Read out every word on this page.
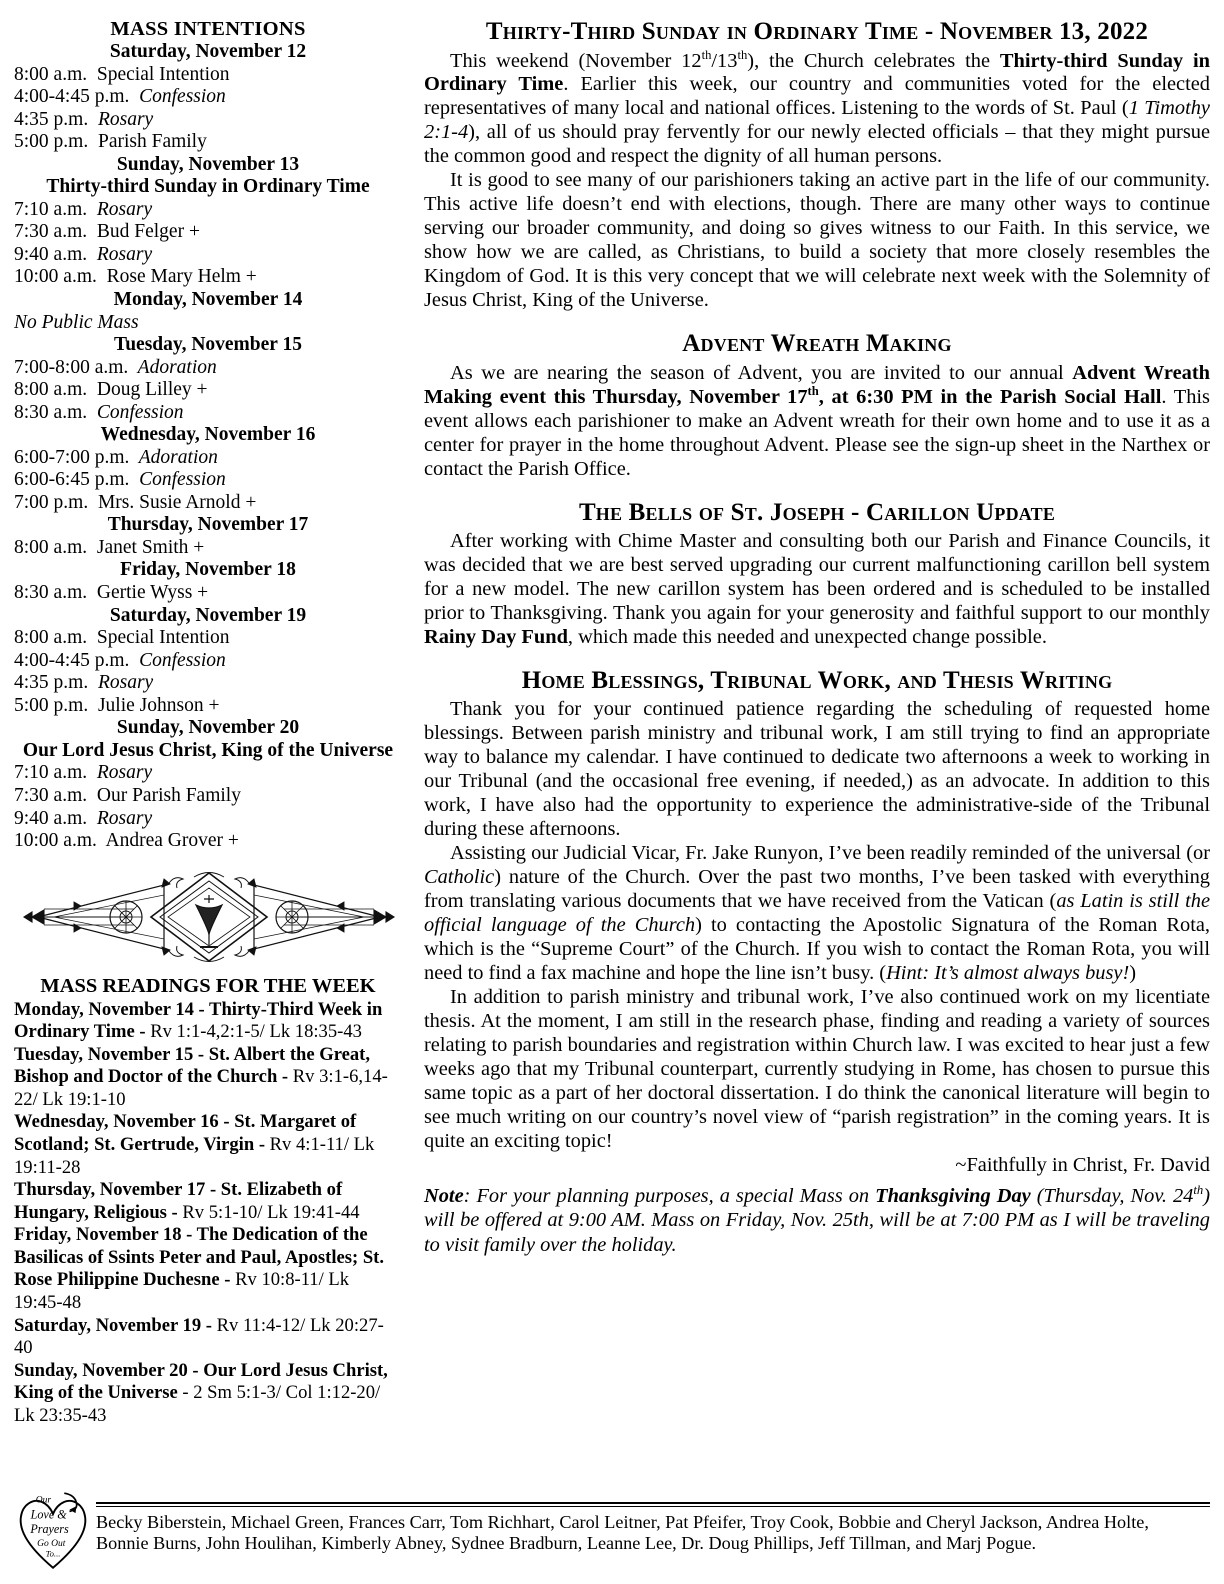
MASS INTENTIONS
Saturday, November 12
8:00 a.m.  Special Intention
4:00-4:45 p.m.  Confession
4:35 p.m.  Rosary
5:00 p.m.  Parish Family
Sunday, November 13
Thirty-third Sunday in Ordinary Time
7:10 a.m.  Rosary
7:30 a.m.  Bud Felger +
9:40 a.m.  Rosary
10:00 a.m.  Rose Mary Helm +
Monday, November 14
No Public Mass
Tuesday, November 15
7:00-8:00 a.m.  Adoration
8:00 a.m.  Doug Lilley +
8:30 a.m.  Confession
Wednesday, November 16
6:00-7:00 p.m.  Adoration
6:00-6:45 p.m.  Confession
7:00 p.m.  Mrs. Susie Arnold +
Thursday, November 17
8:00 a.m.  Janet Smith +
Friday, November 18
8:30 a.m.  Gertie Wyss +
Saturday, November 19
8:00 a.m.  Special Intention
4:00-4:45 p.m.  Confession
4:35 p.m.  Rosary
5:00 p.m.  Julie Johnson +
Sunday, November 20
Our Lord Jesus Christ, King of the Universe
7:10 a.m.  Rosary
7:30 a.m.  Our Parish Family
9:40 a.m.  Rosary
10:00 a.m.  Andrea Grover +
MASS READINGS FOR THE WEEK
Monday, November 14 - Thirty-Third Week in Ordinary Time - Rv 1:1-4,2:1-5/ Lk 18:35-43
Tuesday, November 15 - St. Albert the Great, Bishop and Doctor of the Church - Rv 3:1-6,14-22/ Lk 19:1-10
Wednesday, November 16 - St. Margaret of Scotland; St. Gertrude, Virgin - Rv 4:1-11/ Lk 19:11-28
Thursday, November 17 - St. Elizabeth of Hungary, Religious - Rv 5:1-10/ Lk 19:41-44
Friday, November 18 - The Dedication of the Basilicas of Ssints Peter and Paul, Apostles; St. Rose Philippine Duchesne - Rv 10:8-11/ Lk 19:45-48
Saturday, November 19 - Rv 11:4-12/ Lk 20:27-40
Sunday, November 20 - Our Lord Jesus Christ, King of the Universe - 2 Sm 5:1-3/ Col 1:12-20/ Lk 23:35-43
Thirty-Third Sunday in Ordinary Time - November 13, 2022

This weekend (November 12th/13th), the Church celebrates the Thirty-third Sunday in Ordinary Time. Earlier this week, our country and communities voted for the elected representatives of many local and national offices. Listening to the words of St. Paul (1 Timothy 2:1-4), all of us should pray fervently for our newly elected officials – that they might pursue the common good and respect the dignity of all human persons.

It is good to see many of our parishioners taking an active part in the life of our community. This active life doesn’t end with elections, though. There are many other ways to continue serving our broader community, and doing so gives witness to our Faith. In this service, we show how we are called, as Christians, to build a society that more closely resembles the Kingdom of God. It is this very concept that we will celebrate next week with the Solemnity of Jesus Christ, King of the Universe.

Advent Wreath Making

As we are nearing the season of Advent, you are invited to our annual Advent Wreath Making event this Thursday, November 17th, at 6:30 PM in the Parish Social Hall. This event allows each parishioner to make an Advent wreath for their own home and to use it as a center for prayer in the home throughout Advent. Please see the sign-up sheet in the Narthex or contact the Parish Office.

The Bells of St. Joseph - Carillon Update

After working with Chime Master and consulting both our Parish and Finance Councils, it was decided that we are best served upgrading our current malfunctioning carillon bell system for a new model. The new carillon system has been ordered and is scheduled to be installed prior to Thanksgiving. Thank you again for your generosity and faithful support to our monthly Rainy Day Fund, which made this needed and unexpected change possible.

Home Blessings, Tribunal Work, and Thesis Writing

Thank you for your continued patience regarding the scheduling of requested home blessings. Between parish ministry and tribunal work, I am still trying to find an appropriate way to balance my calendar. I have continued to dedicate two afternoons a week to working in our Tribunal (and the occasional free evening, if needed,) as an advocate. In addition to this work, I have also had the opportunity to experience the administrative-side of the Tribunal during these afternoons.

Assisting our Judicial Vicar, Fr. Jake Runyon, I’ve been readily reminded of the universal (or Catholic) nature of the Church. Over the past two months, I’ve been tasked with everything from translating various documents that we have received from the Vatican (as Latin is still the official language of the Church) to contacting the Apostolic Signatura of the Roman Rota, which is the “Supreme Court” of the Church. If you wish to contact the Roman Rota, you will need to find a fax machine and hope the line isn’t busy. (Hint: It’s almost always busy!)

In addition to parish ministry and tribunal work, I’ve also continued work on my licentiate thesis. At the moment, I am still in the research phase, finding and reading a variety of sources relating to parish boundaries and registration within Church law. I was excited to hear just a few weeks ago that my Tribunal counterpart, currently studying in Rome, has chosen to pursue this same topic as a part of her doctoral dissertation. I do think the canonical literature will begin to see much writing on our country’s novel view of “parish registration” in the coming years. It is quite an exciting topic!

~Faithfully in Christ, Fr. David
Note: For your planning purposes, a special Mass on Thanksgiving Day (Thursday, Nov. 24th) will be offered at 9:00 AM. Mass on Friday, Nov. 25th, will be at 7:00 PM as I will be traveling to visit family over the holiday.
Our
Love &
Prayers
Go Out
To...
Becky Biberstein, Michael Green, Frances Carr, Tom Richhart, Carol Leitner, Pat Pfeifer, Troy Cook, Bobbie and Cheryl Jackson, Andrea Holte,
Bonnie Burns, John Houlihan, Kimberly Abney, Sydnee Bradburn, Leanne Lee, Dr. Doug Phillips, Jeff Tillman, and Marj Pogue.
